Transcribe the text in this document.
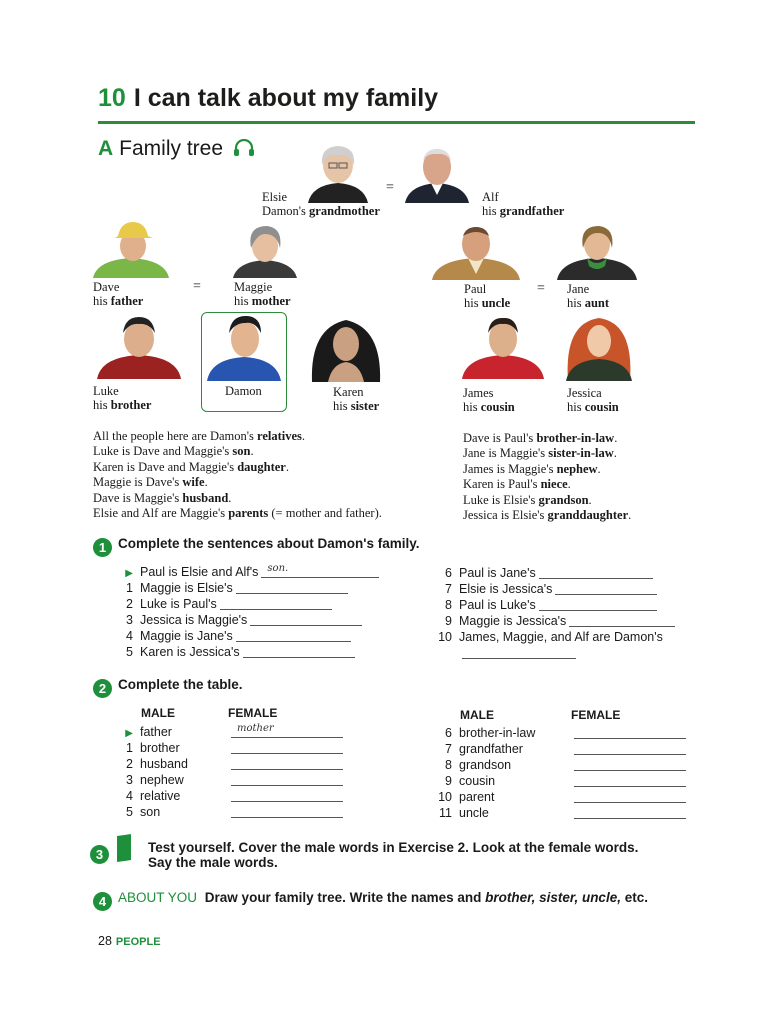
10 I can talk about my family
A Family tree
Elsie
Damon's grandmother
=
Alf
his grandfather
Dave
his father
=	Maggie
his mother
Paul
his uncle
= Jane
his aunt
Luke
his brother
Damon	Karen
his sister
James
his cousin
Jessica
his cousin
All the people here are Damon's relatives.
Luke is Dave and Maggie's son.
Karen is Dave and Maggie's daughter.
Maggie is Dave's wife.
Dave is Maggie's husband.
Elsie and Alf are Maggie's parents (= mother and father).
Dave is Paul's brother-in-law.
Jane is Maggie's sister-in-law.
James is Maggie's nephew.
Karen is Paul's niece.
Luke is Elsie's grandson.
Jessica is Elsie's granddaughter.
1 Complete the sentences about Damon's family.
▶ Paul is Elsie and Alf's son.
1 Maggie is Elsie's
2 Luke is Paul's
3 Jessica is Maggie's
4 Maggie is Jane's
5 Karen is Jessica's
6 Paul is Jane's
7 Elsie is Jessica's
8 Paul is Luke's
9 Maggie is Jessica's
10 James, Maggie, and Alf are Damon's
2 Complete the table.
MALE	FEMALE	MALE	FEMALE
▶ father	mother
1 brother
2 husband
3 nephew
4 relative
5 son
6 brother-in-law
7 grandfather
8 grandson
9 cousin
10 parent
11 uncle
3	Test yourself. Cover the male words in Exercise 2. Look at the female words.
Say the male words.
4 ABOUT YOU Draw your family tree. Write the names and brother, sister, uncle, etc.
28 PEOPLE
